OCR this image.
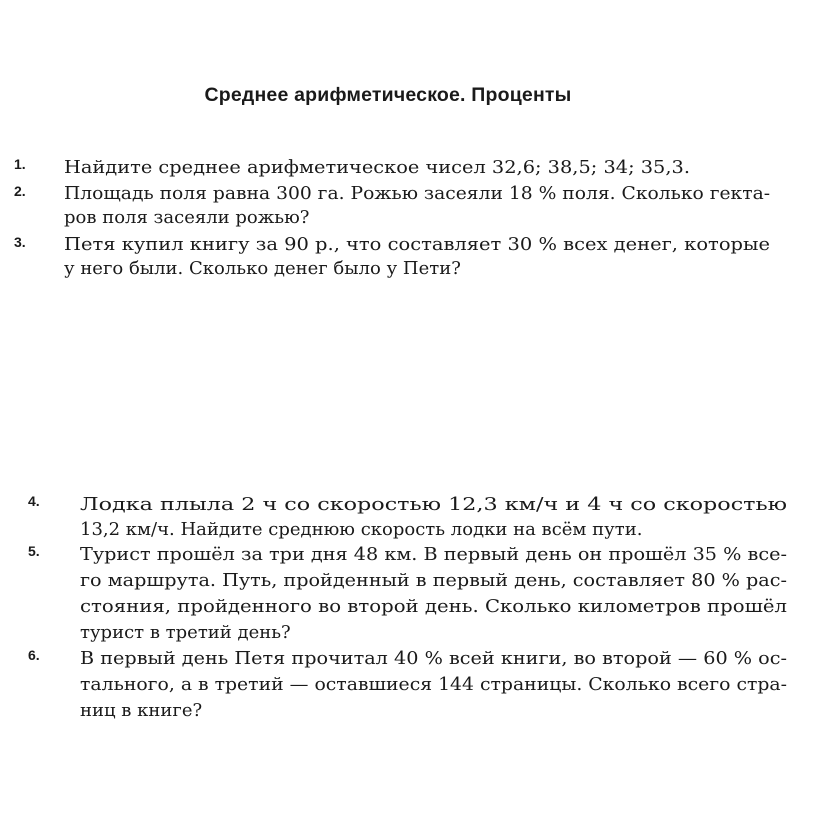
Среднее арифметическое. Проценты
1. Найдите среднее арифметическое чисел 32,6; 38,5; 34; 35,3.
2. Площадь поля равна 300 га. Рожью засеяли 18 % поля. Сколько гекта-
ров поля засеяли рожью?
3. Петя купил книгу за 90 р., что составляет 30 % всех денег, которые
у него были. Сколько денег было у Пети?
4. Лодка плыла 2 ч со скоростью 12,3 км/ч и 4 ч со скоростью
13,2 км/ч. Найдите среднюю скорость лодки на всём пути.
5. Турист прошёл за три дня 48 км. В первый день он прошёл 35 % все-
го маршрута. Путь, пройденный в первый день, составляет 80 % рас-
стояния, пройденного во второй день. Сколько километров прошёл
турист в третий день?
6. В первый день Петя прочитал 40 % всей книги, во второй — 60 % ос-
тального, а в третий — оставшиеся 144 страницы. Сколько всего стра-
ниц в книге?
